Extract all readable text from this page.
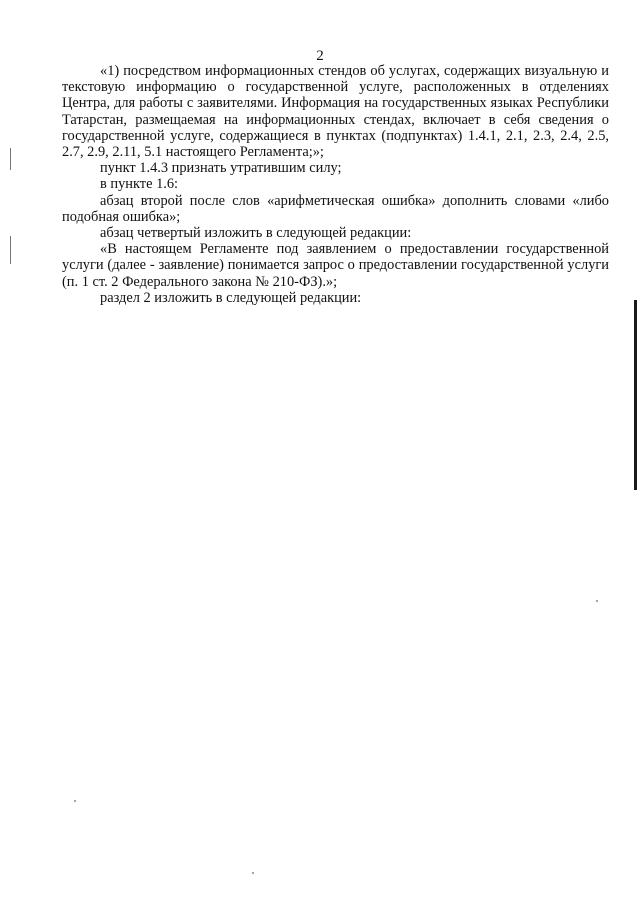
2

«1) посредством информационных стендов об услугах, содержащих визуальную и текстовую информацию о государственной услуге, расположенных в отделениях Центра, для работы с заявителями. Информация на государственных языках Республики Татарстан, размещаемая на информационных стендах, включает в себя сведения о государственной услуге, содержащиеся в пунктах (подпунктах) 1.4.1, 2.1, 2.3, 2.4, 2.5, 2.7, 2.9, 2.11, 5.1 настоящего Регламента;»;

пункт 1.4.3 признать утратившим силу;

в пункте 1.6:

абзац второй после слов «арифметическая ошибка» дополнить словами «либо подобная ошибка»;

абзац четвертый изложить в следующей редакции:

«В настоящем Регламенте под заявлением о предоставлении государственной услуги (далее - заявление) понимается запрос о предоставлении государственной услуги (п. 1 ст. 2 Федерального закона № 210-ФЗ).»;

раздел 2 изложить в следующей редакции:
